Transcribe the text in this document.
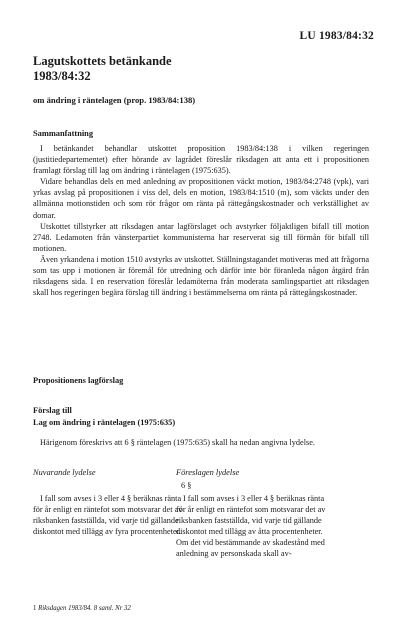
LU 1983/84:32
Lagutskottets betänkande
1983/84:32
om ändring i räntelagen (prop. 1983/84:138)
Sammanfattning

I betänkandet behandlar utskottet proposition 1983/84:138 i vilken regeringen (justitiedepartementet) efter hörande av lagrådet föreslår riksdagen att anta ett i propositionen framlagt förslag till lag om ändring i räntelagen (1975:635).

Vidare behandlas dels en med anledning av propositionen väckt motion, 1983/84:2748 (vpk), vari yrkas avslag på propositionen i viss del, dels en motion, 1983/84:1510 (m), som väckts under den allmänna motionstiden och som rör frågor om ränta på rättegångskostnader och verkställighet av domar.

Utskottet tillstyrker att riksdagen antar lagförslaget och avstyrker följaktligen bifall till motion 2748. Ledamoten från vänsterpartiet kommunisterna har reserverat sig till förmån för bifall till motionen.

Även yrkandena i motion 1510 avstyrks av utskottet. Ställningstagandet motiveras med att frågorna som tas upp i motionen är föremål för utredning och därför inte bör föranleda någon åtgärd från riksdagens sida. I en reservation föreslår ledamöterna från moderata samlingspartiet att riksdagen skall hos regeringen begära förslag till ändring i bestämmelserna om ränta på rättegångskostnader.

Propositionens lagförslag
Förslag till
Lag om ändring i räntelagen (1975:635)

Härigenom föreskrivs att 6 § räntelagen (1975:635) skall ha nedan angivna lydelse.

Nuvarande lydelse	Föreslagen lydelse
6 §
I fall som avses i 3 eller 4 § beräknas ränta för år enligt en räntefot som motsvarar det av riksbanken fastställda, vid varje tid gällande diskontot med tillägg av fyra procentenheter.
I fall som avses i 3 eller 4 § beräknas ränta för år enligt en räntefot som motsvarar det av riksbanken fastställda, vid varje tid gällande diskontot med tillägg av åtta procentenheter. Om det vid bestämmande av skadestånd med anledning av personskada skall av-
1 Riksdagen 1983/84. 8 saml. Nr 32
